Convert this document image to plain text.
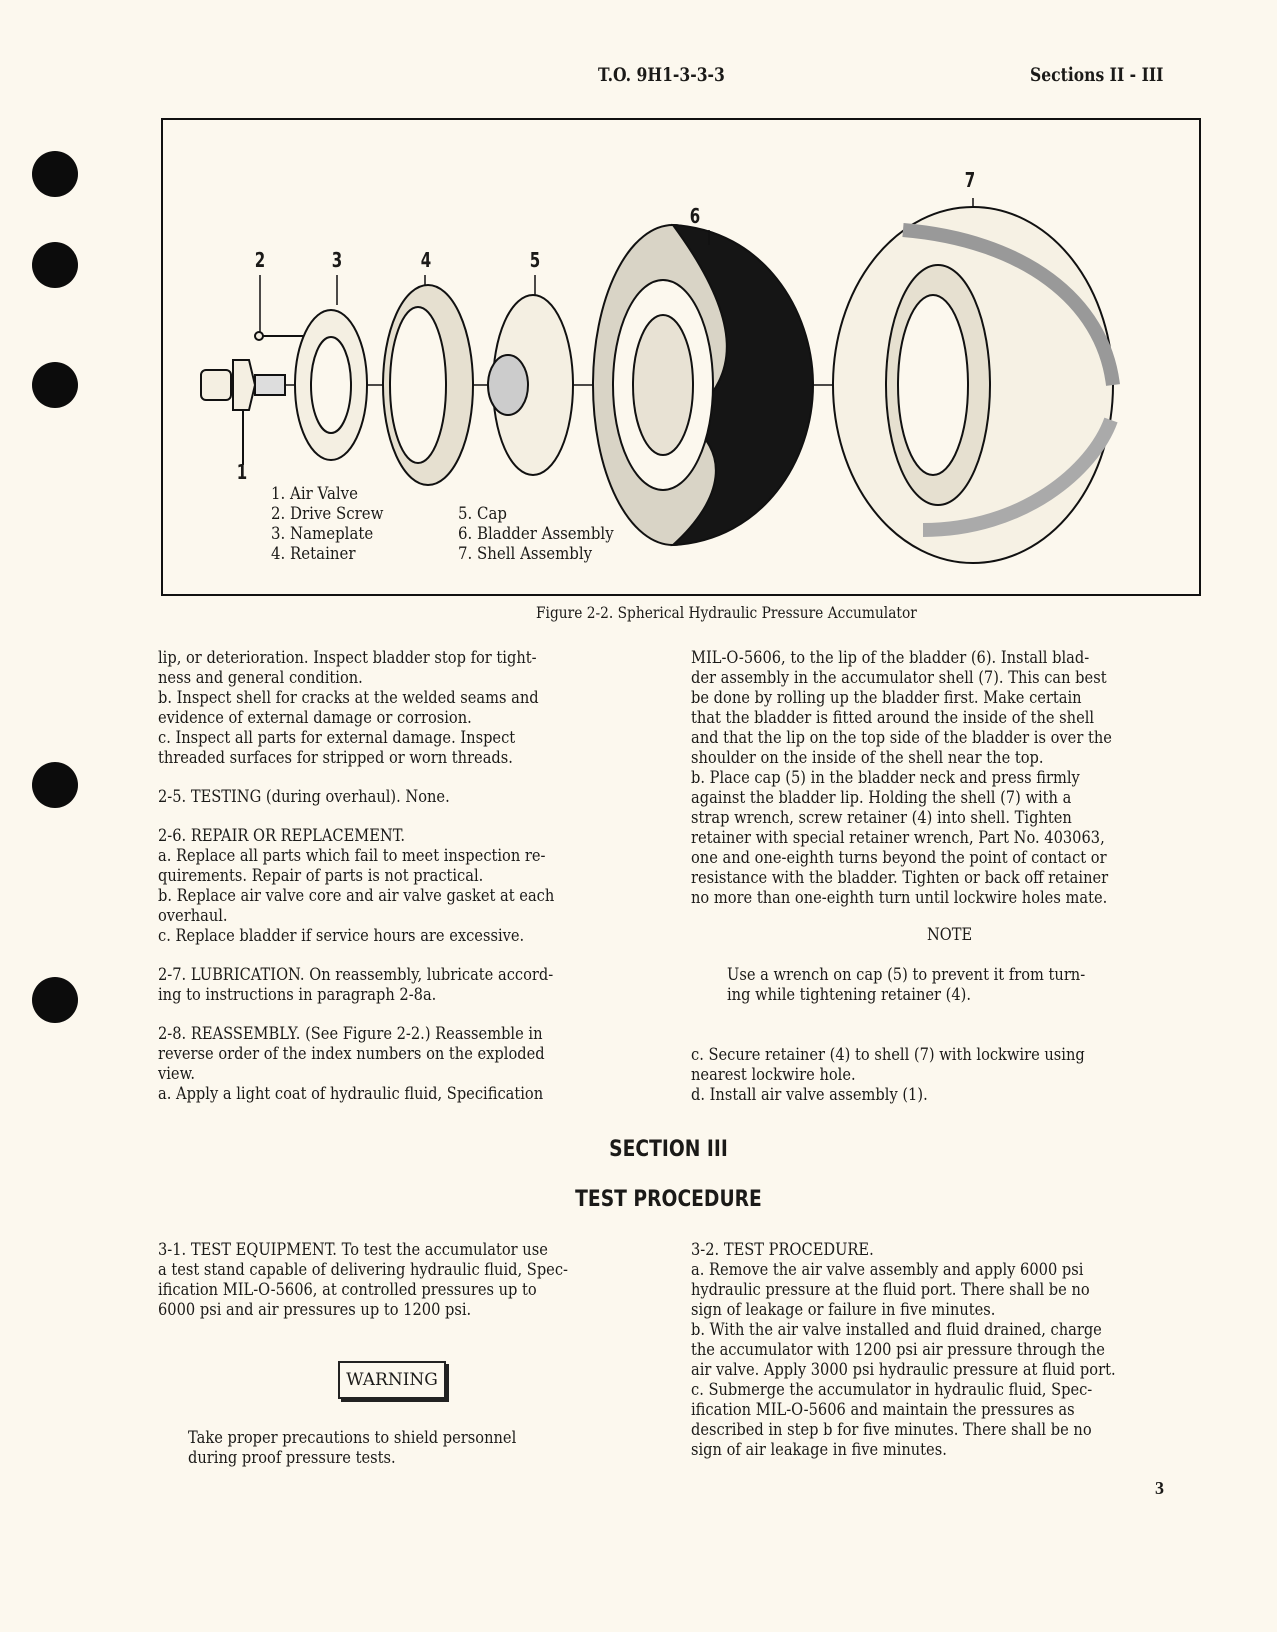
T.O. 9H1-3-3-3	Sections II - III
1
2	3	4	5
6
7
1. Air Valve
2. Drive Screw
3. Nameplate
4. Retainer
5. Cap
6. Bladder Assembly
7. Shell Assembly
Figure 2-2. Spherical Hydraulic Pressure Accumulator
SECTION III
TEST PROCEDURE
WARNING
3
lip, or deterioration. Inspect bladder stop for tight-
ness and general condition.
b. Inspect shell for cracks at the welded seams and
evidence of external damage or corrosion.
c. Inspect all parts for external damage. Inspect
threaded surfaces for stripped or worn threads.
2-5. TESTING (during overhaul). None.
2-6. REPAIR OR REPLACEMENT.
a. Replace all parts which fail to meet inspection re-
quirements. Repair of parts is not practical.
b. Replace air valve core and air valve gasket at each
overhaul.
c. Replace bladder if service hours are excessive.
2-7. LUBRICATION. On reassembly, lubricate accord-
ing to instructions in paragraph 2-8a.
2-8. REASSEMBLY. (See Figure 2-2.) Reassemble in
reverse order of the index numbers on the exploded
view.
a. Apply a light coat of hydraulic fluid, Specification
MIL-O-5606, to the lip of the bladder (6). Install blad-
der assembly in the accumulator shell (7). This can best
be done by rolling up the bladder first. Make certain
that the bladder is fitted around the inside of the shell
and that the lip on the top side of the bladder is over the
shoulder on the inside of the shell near the top.
b. Place cap (5) in the bladder neck and press firmly
against the bladder lip. Holding the shell (7) with a
strap wrench, screw retainer (4) into shell. Tighten
retainer with special retainer wrench, Part No. 403063,
one and one-eighth turns beyond the point of contact or
resistance with the bladder. Tighten or back off retainer
no more than one-eighth turn until lockwire holes mate.
NOTE
Use a wrench on cap (5) to prevent it from turn-
ing while tightening retainer (4).
c. Secure retainer (4) to shell (7) with lockwire using
nearest lockwire hole.
d. Install air valve assembly (1).
3-1. TEST EQUIPMENT. To test the accumulator use
a test stand capable of delivering hydraulic fluid, Spec-
ification MIL-O-5606, at controlled pressures up to
6000 psi and air pressures up to 1200 psi.
Take proper precautions to shield personnel
during proof pressure tests.
3-2. TEST PROCEDURE.
a. Remove the air valve assembly and apply 6000 psi
hydraulic pressure at the fluid port. There shall be no
sign of leakage or failure in five minutes.
b. With the air valve installed and fluid drained, charge
the accumulator with 1200 psi air pressure through the
air valve. Apply 3000 psi hydraulic pressure at fluid port.
c. Submerge the accumulator in hydraulic fluid, Spec-
ification MIL-O-5606 and maintain the pressures as
described in step b for five minutes. There shall be no
sign of air leakage in five minutes.
